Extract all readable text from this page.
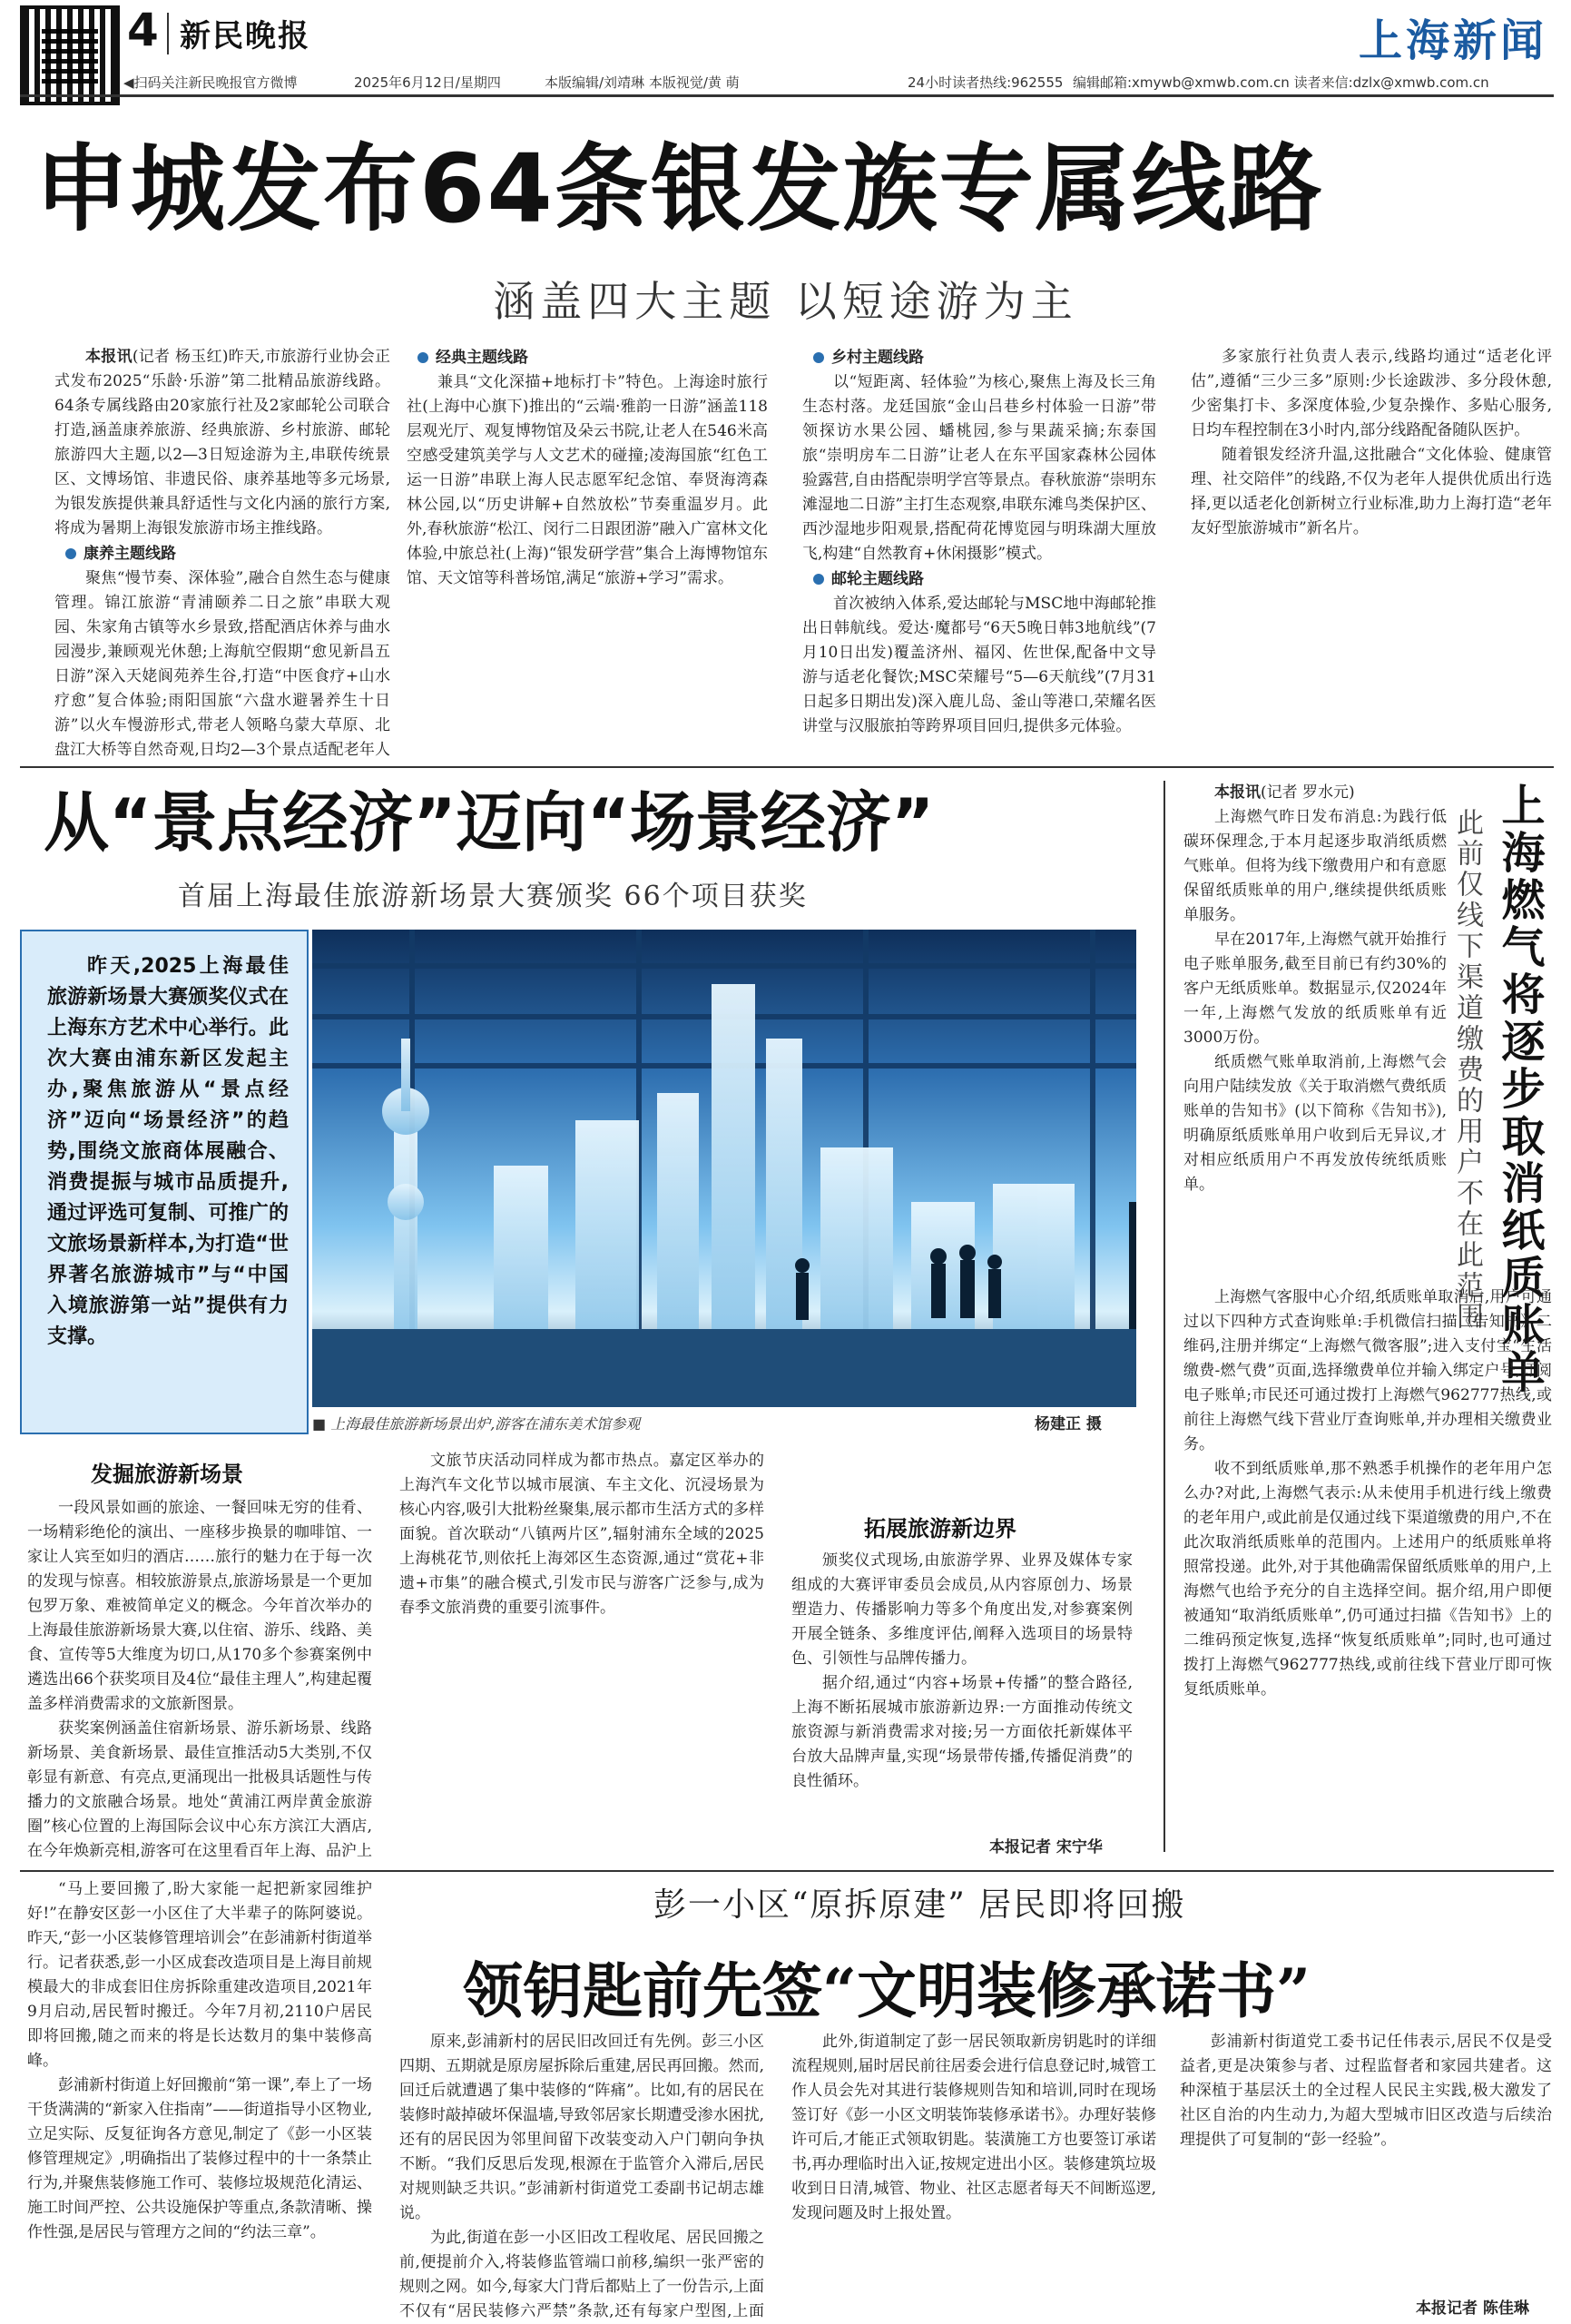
4 新民晚报	上海新闻
◀扫码关注新民晚报官方微博	2025年6月12日/星期四	本版编辑/刘靖琳 本版视觉/黄 萌	24小时读者热线:962555 编辑邮箱:xmywb@xmwb.com.cn 读者来信:dzlx@xmwb.com.cn
申城发布64条银发族专属线路
涵盖四大主题 以短途游为主

本报讯(记者 杨玉红)昨天,市旅游行业协会正式发布2025“乐龄·乐游”第二批精品旅游线路。64条专属线路由20家旅行社及2家邮轮公司联合打造,涵盖康养旅游、经典旅游、乡村旅游、邮轮旅游四大主题,以2—3日短途游为主,串联传统景区、文博场馆、非遗民俗、康养基地等多元场景,为银发族提供兼具舒适性与文化内涵的旅行方案,将成为暑期上海银发旅游市场主推线路。

康养主题线路

聚焦“慢节奏、深体验”,融合自然生态与健康管理。锦江旅游“青浦颐养二日之旅”串联大观园、朱家角古镇等水乡景致,搭配酒店休养与曲水园漫步,兼顾观光休憩;上海航空假期“愈见新昌五日游”深入天姥阆苑养生谷,打造“中医食疗+山水疗愈”复合体验;雨阳国旅“六盘水避暑养生十日游”以火车慢游形式,带老人领略乌蒙大草原、北盘江大桥等自然奇观,日均2—3个景点适配老年人

经典主题线路

兼具“文化深描+地标打卡”特色。上海途时旅行社(上海中心旗下)推出的“云端·雅韵一日游”涵盖118层观光厅、观复博物馆及朵云书院,让老人在546米高空感受建筑美学与人文艺术的碰撞;凌海国旅“红色工运一日游”串联上海人民志愿军纪念馆、奉贤海湾森林公园,以“历史讲解+自然放松”节奏重温岁月。此外,春秋旅游“松江、闵行二日跟团游”融入广富林文化体验,中旅总社(上海)“银发研学营”集合上海博物馆东馆、天文馆等科普场馆,满足“旅游+学习”需求。

乡村主题线路

以“短距离、轻体验”为核心,聚焦上海及长三角生态村落。龙廷国旅“金山吕巷乡村体验一日游”带领探访水果公园、蟠桃园,参与果蔬采摘;东泰国旅“崇明房车二日游”让老人在东平国家森林公园体验露营,自由搭配崇明学宫等景点。春秋旅游“崇明东滩湿地二日游”主打生态观察,串联东滩鸟类保护区、西沙湿地步阳观景,搭配荷花博览园与明珠湖大厘放飞,构建“自然教育+休闲摄影”模式。

邮轮主题线路

首次被纳入体系,爱达邮轮与MSC地中海邮轮推出日韩航线。爱达·魔都号“6天5晚日韩3地航线”(7月10日出发)覆盖济州、福冈、佐世保,配备中文导游与适老化餐饮;MSC荣耀号“5—6天航线”(7月31日起多日期出发)深入鹿儿岛、釜山等港口,荣耀名医讲堂与汉服旅拍等跨界项目回归,提供多元体验。

多家旅行社负责人表示,线路均通过“适老化评估”,遵循“三少三多”原则:少长途跋涉、多分段休憩,少密集打卡、多深度体验,少复杂操作、多贴心服务,日均车程控制在3小时内,部分线路配备随队医护。

随着银发经济升温,这批融合“文化体验、健康管理、社交陪伴”的线路,不仅为老年人提供优质出行选择,更以适老化创新树立行业标准,助力上海打造“老年友好型旅游城市”新名片。

从“景点经济”迈向“场景经济”
首届上海最佳旅游新场景大赛颁奖 66个项目获奖
昨天,2025上海最佳旅游新场景大赛颁奖仪式在上海东方艺术中心举行。此次大赛由浦东新区发起主办,聚焦旅游从“景点经济”迈向“场景经济”的趋势,围绕文旅商体展融合、消费提振与城市品质提升,通过评选可复制、可推广的文旅场景新样本,为打造“世界著名旅游城市”与“中国入境旅游第一站”提供有力支撑。
■ 上海最佳旅游新场景出炉,游客在浦东美术馆参观	杨建正 摄
发掘旅游新场景

一段风景如画的旅途、一餐回味无穷的佳肴、一场精彩绝伦的演出、一座移步换景的咖啡馆、一家让人宾至如归的酒店……旅行的魅力在于每一次的发现与惊喜。相较旅游景点,旅游场景是一个更加包罗万象、难被简单定义的概念。今年首次举办的上海最佳旅游新场景大赛,以住宿、游乐、线路、美食、宣传等5大维度为切口,从170多个参赛案例中遴选出66个获奖项目及4位“最佳主理人”,构建起覆盖多样消费需求的文旅新图景。

获奖案例涵盖住宿新场景、游乐新场景、线路新场景、美食新场景、最佳宣推活动5大类别,不仅彰显有新意、有亮点,更涌现出一批极具话题性与传播力的文旅融合场景。地处“黄浦江两岸黄金旅游圈”核心位置的上海国际会议中心东方滨江大酒店,在今年焕新亮相,游客可在这里看百年上海、品沪上

文旅节庆活动同样成为都市热点。嘉定区举办的上海汽车文化节以城市展演、车主文化、沉浸场景为核心内容,吸引大批粉丝聚集,展示都市生活方式的多样面貌。首次联动“八镇两片区”,辐射浦东全域的2025上海桃花节,则依托上海郊区生态资源,通过“赏花+非遗+市集”的融合模式,引发市民与游客广泛参与,成为春季文旅消费的重要引流事件。

拓展旅游新边界

颁奖仪式现场,由旅游学界、业界及媒体专家组成的大赛评审委员会成员,从内容原创力、场景塑造力、传播影响力等多个角度出发,对参赛案例开展全链条、多维度评估,阐释入选项目的场景特色、引领性与品牌传播力。

据介绍,通过“内容+场景+传播”的整合路径,上海不断拓展城市旅游新边界:一方面推动传统文旅资源与新消费需求对接;另一方面依托新媒体平台放大品牌声量,实现“场景带传播,传播促消费”的良性循环。

本报记者 宋宁华
上海燃气将逐步取消纸质账单
此前仅线下渠道缴费的用户不在此范围

本报讯(记者 罗水元)

上海燃气昨日发布消息:为践行低碳环保理念,于本月起逐步取消纸质燃气账单。但将为线下缴费用户和有意愿保留纸质账单的用户,继续提供纸质账单服务。

早在2017年,上海燃气就开始推行电子账单服务,截至目前已有约30%的客户无纸质账单。数据显示,仅2024年一年,上海燃气发放的纸质账单有近3000万份。

纸质燃气账单取消前,上海燃气会向用户陆续发放《关于取消燃气费纸质账单的告知书》(以下简称《告知书》),明确原纸质账单用户收到后无异议,才对相应纸质用户不再发放传统纸质账单。

上海燃气客服中心介绍,纸质账单取消后,用户可通过以下四种方式查询账单:手机微信扫描《告知书》二维码,注册并绑定“上海燃气微客服”;进入支付宝“生活缴费-燃气费”页面,选择缴费单位并输入绑定户号,订阅电子账单;市民还可通过拨打上海燃气962777热线,或前往上海燃气线下营业厅查询账单,并办理相关缴费业务。

收不到纸质账单,那不熟悉手机操作的老年用户怎么办?对此,上海燃气表示:从未使用手机进行线上缴费的老年用户,或此前是仅通过线下渠道缴费的用户,不在此次取消纸质账单的范围内。上述用户的纸质账单将照常投递。此外,对于其他确需保留纸质账单的用户,上海燃气也给予充分的自主选择空间。据介绍,用户即便被通知“取消纸质账单”,仍可通过扫描《告知书》上的二维码预定恢复,选择“恢复纸质账单”;同时,也可通过拨打上海燃气962777热线,或前往线下营业厅即可恢复纸质账单。

彭一小区“原拆原建” 居民即将回搬
领钥匙前先签“文明装修承诺书”

“马上要回搬了,盼大家能一起把新家园维护好!”在静安区彭一小区住了大半辈子的陈阿婆说。昨天,“彭一小区装修管理培训会”在彭浦新村街道举行。记者获悉,彭一小区成套改造项目是上海目前规模最大的非成套旧住房拆除重建改造项目,2021年9月启动,居民暂时搬迁。今年7月初,2110户居民即将回搬,随之而来的将是长达数月的集中装修高峰。

彭浦新村街道上好回搬前“第一课”,奉上了一场干货满满的“新家入住指南”——街道指导小区物业,立足实际、反复征询各方意见,制定了《彭一小区装修管理规定》,明确指出了装修过程中的十一条禁止行为,并聚焦装修施工作可、装修垃圾规范化清运、施工时间严控、公共设施保护等重点,条款清晰、操作性强,是居民与管理方之间的“约法三章”。

原来,彭浦新村的居民旧改回迁有先例。彭三小区四期、五期就是原房屋拆除后重建,居民再回搬。然而,回迁后就遭遇了集中装修的“阵痛”。比如,有的居民在装修时敲掉破坏保温墙,导致邻居家长期遭受渗水困扰,还有的居民因为邻里间留下改装变动入户门朝向争执不断。“我们反思后发现,根源在于监管介入滞后,居民对规则缺乏共识。”彭浦新村街道党工委副书记胡志雄说。

为此,街道在彭一小区旧改工程收尾、居民回搬之前,便提前介入,将装修监管端口前移,编织一张严密的规则之网。如今,每家大门背后都贴上了一份告示,上面不仅有“居民装修六严禁”条款,还有每家户型图,上面

此外,街道制定了彭一居民领取新房钥匙时的详细流程规则,届时居民前往居委会进行信息登记时,城管工作人员会先对其进行装修规则告知和培训,同时在现场签订好《彭一小区文明装饰装修承诺书》。办理好装修许可后,才能正式领取钥匙。装潢施工方也要签订承诺书,再办理临时出入证,按规定进出小区。装修建筑垃圾收到日日清,城管、物业、社区志愿者每天不间断巡逻,发现问题及时上报处置。

彭浦新村街道党工委书记任伟表示,居民不仅是受益者,更是决策参与者、过程监督者和家园共建者。这种深植于基层沃土的全过程人民民主实践,极大激发了社区自治的内生动力,为超大型城市旧区改造与后续治理提供了可复制的“彭一经验”。

本报记者 陈佳琳
